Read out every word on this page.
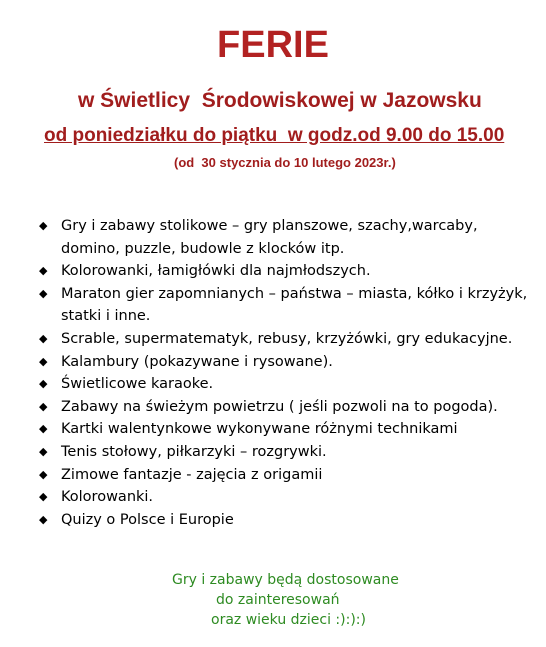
FERIE
w Świetlicy  Środowiskowej w Jazowsku
od poniedziałku do piątku  w godz.od 9.00 do 15.00
(od  30 stycznia do 10 lutego 2023r.)
◆ Gry i zabawy stolikowe – gry planszowe, szachy,warcaby,
domino, puzzle, budowle z klocków itp.
◆ Kolorowanki, łamigłówki dla najmłodszych.
◆ Maraton gier zapomnianych – państwa – miasta, kółko i krzyżyk,
statki i inne.
◆ Scrable, supermatematyk, rebusy, krzyżówki, gry edukacyjne.
◆ Kalambury (pokazywane i rysowane).
◆ Świetlicowe karaoke.
◆ Zabawy na świeżym powietrzu ( jeśli pozwoli na to pogoda).
◆ Kartki walentynkowe wykonywane różnymi technikami
◆ Tenis stołowy, piłkarzyki – rozgrywki.
◆ Zimowe fantazje - zajęcia z origamii
◆ Kolorowanki.
◆ Quizy o Polsce i Europie
Gry i zabawy będą dostosowane
do zainteresowań
oraz wieku dzieci :):):)
